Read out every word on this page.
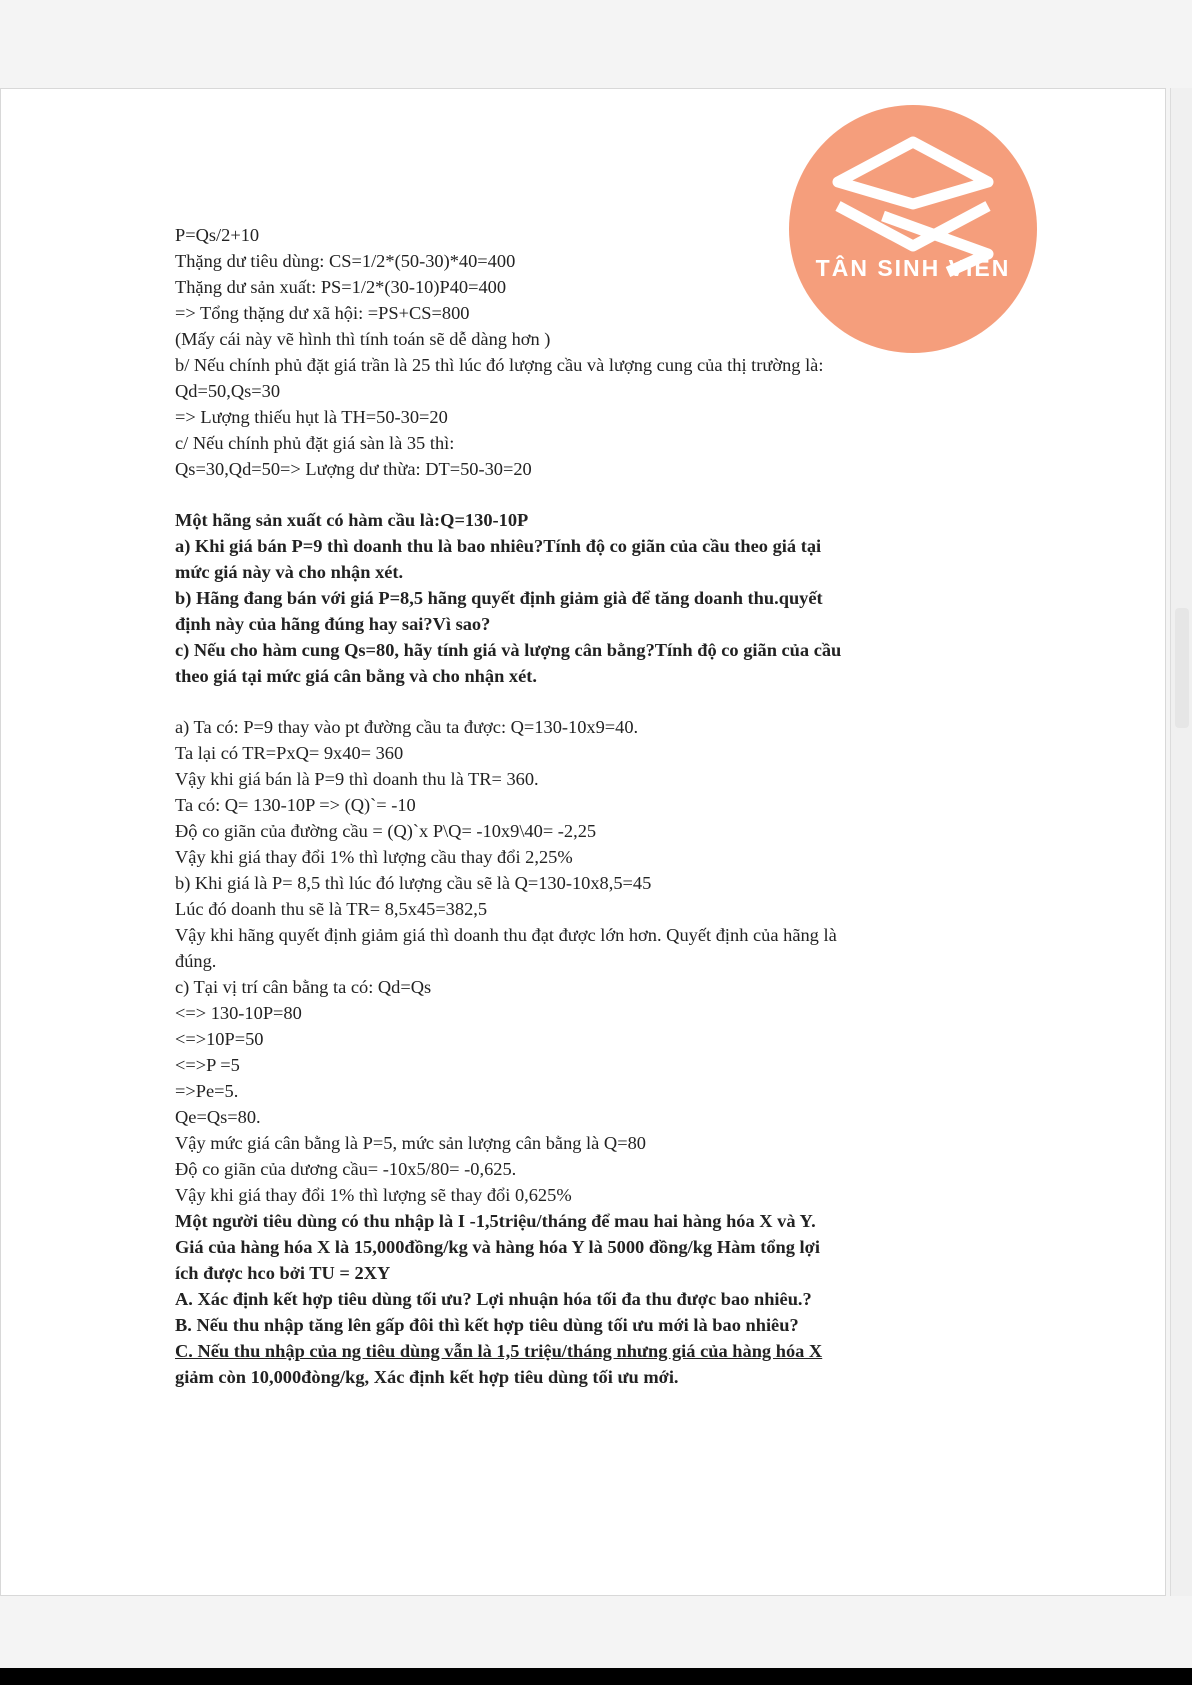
TÂN SINH VIÊN
P=Qs/2+10
Thặng dư tiêu dùng: CS=1/2*(50-30)*40=400
Thặng dư sản xuất: PS=1/2*(30-10)P40=400
=> Tổng thặng dư xã hội: =PS+CS=800
(Mấy cái này vẽ hình thì tính toán sẽ dễ dàng hơn )
b/ Nếu chính phủ đặt giá trần là 25 thì lúc đó lượng cầu và lượng cung của thị trường là:
Qd=50,Qs=30
=> Lượng thiếu hụt là TH=50-30=20
c/ Nếu chính phủ đặt giá sàn là 35 thì:
Qs=30,Qd=50=> Lượng dư thừa: DT=50-30=20
Một hãng sản xuất có hàm cầu là:Q=130-10P
a) Khi giá bán P=9 thì doanh thu là bao nhiêu?Tính độ co giãn của cầu theo giá tại
mức giá này và cho nhận xét.
b) Hãng đang bán với giá P=8,5 hãng quyết định giảm già để tăng doanh thu.quyết
định này của hãng đúng hay sai?Vì sao?
c) Nếu cho hàm cung Qs=80, hãy tính giá và lượng cân bằng?Tính độ co giãn của cầu
theo giá tại mức giá cân bằng và cho nhận xét.
a) Ta có: P=9 thay vào pt đường cầu ta được: Q=130-10x9=40.
Ta lại có TR=PxQ= 9x40= 360
Vậy khi giá bán là P=9 thì doanh thu là TR= 360.
Ta có: Q= 130-10P => (Q)`= -10
Độ co giãn của đường cầu = (Q)`x P\Q= -10x9\40= -2,25
Vậy khi giá thay đổi 1% thì lượng cầu thay đổi 2,25%
b) Khi giá là P= 8,5 thì lúc đó lượng cầu sẽ là Q=130-10x8,5=45
Lúc đó doanh thu sẽ là TR= 8,5x45=382,5
Vậy khi hãng quyết định giảm giá thì doanh thu đạt được lớn hơn. Quyết định của hãng là
đúng.
c) Tại vị trí cân bằng ta có: Qd=Qs
<=> 130-10P=80
<=>10P=50
<=>P =5
=>Pe=5.
Qe=Qs=80.
Vậy mức giá cân bằng là P=5, mức sản lượng cân bằng là Q=80
Độ co giãn của dương cầu= -10x5/80= -0,625.
Vậy khi giá thay đổi 1% thì lượng sẽ thay đổi 0,625%
Một người tiêu dùng có thu nhập là I -1,5triệu/tháng để mau hai hàng hóa X và Y.
Giá của hàng hóa X là 15,000đồng/kg và hàng hóa Y là 5000 đồng/kg Hàm tổng lợi
ích được hco bởi TU = 2XY
A. Xác định kết hợp tiêu dùng tối ưu? Lợi nhuận hóa tối đa thu được bao nhiêu.?
B. Nếu thu nhập tăng lên gấp đôi thì kết hợp tiêu dùng tối ưu mới là bao nhiêu?
C. Nếu thu nhập của ng tiêu dùng vẫn là 1,5 triệu/tháng nhưng giá của hàng hóa X
giảm còn 10,000đòng/kg, Xác định kết hợp tiêu dùng tối ưu mới.
